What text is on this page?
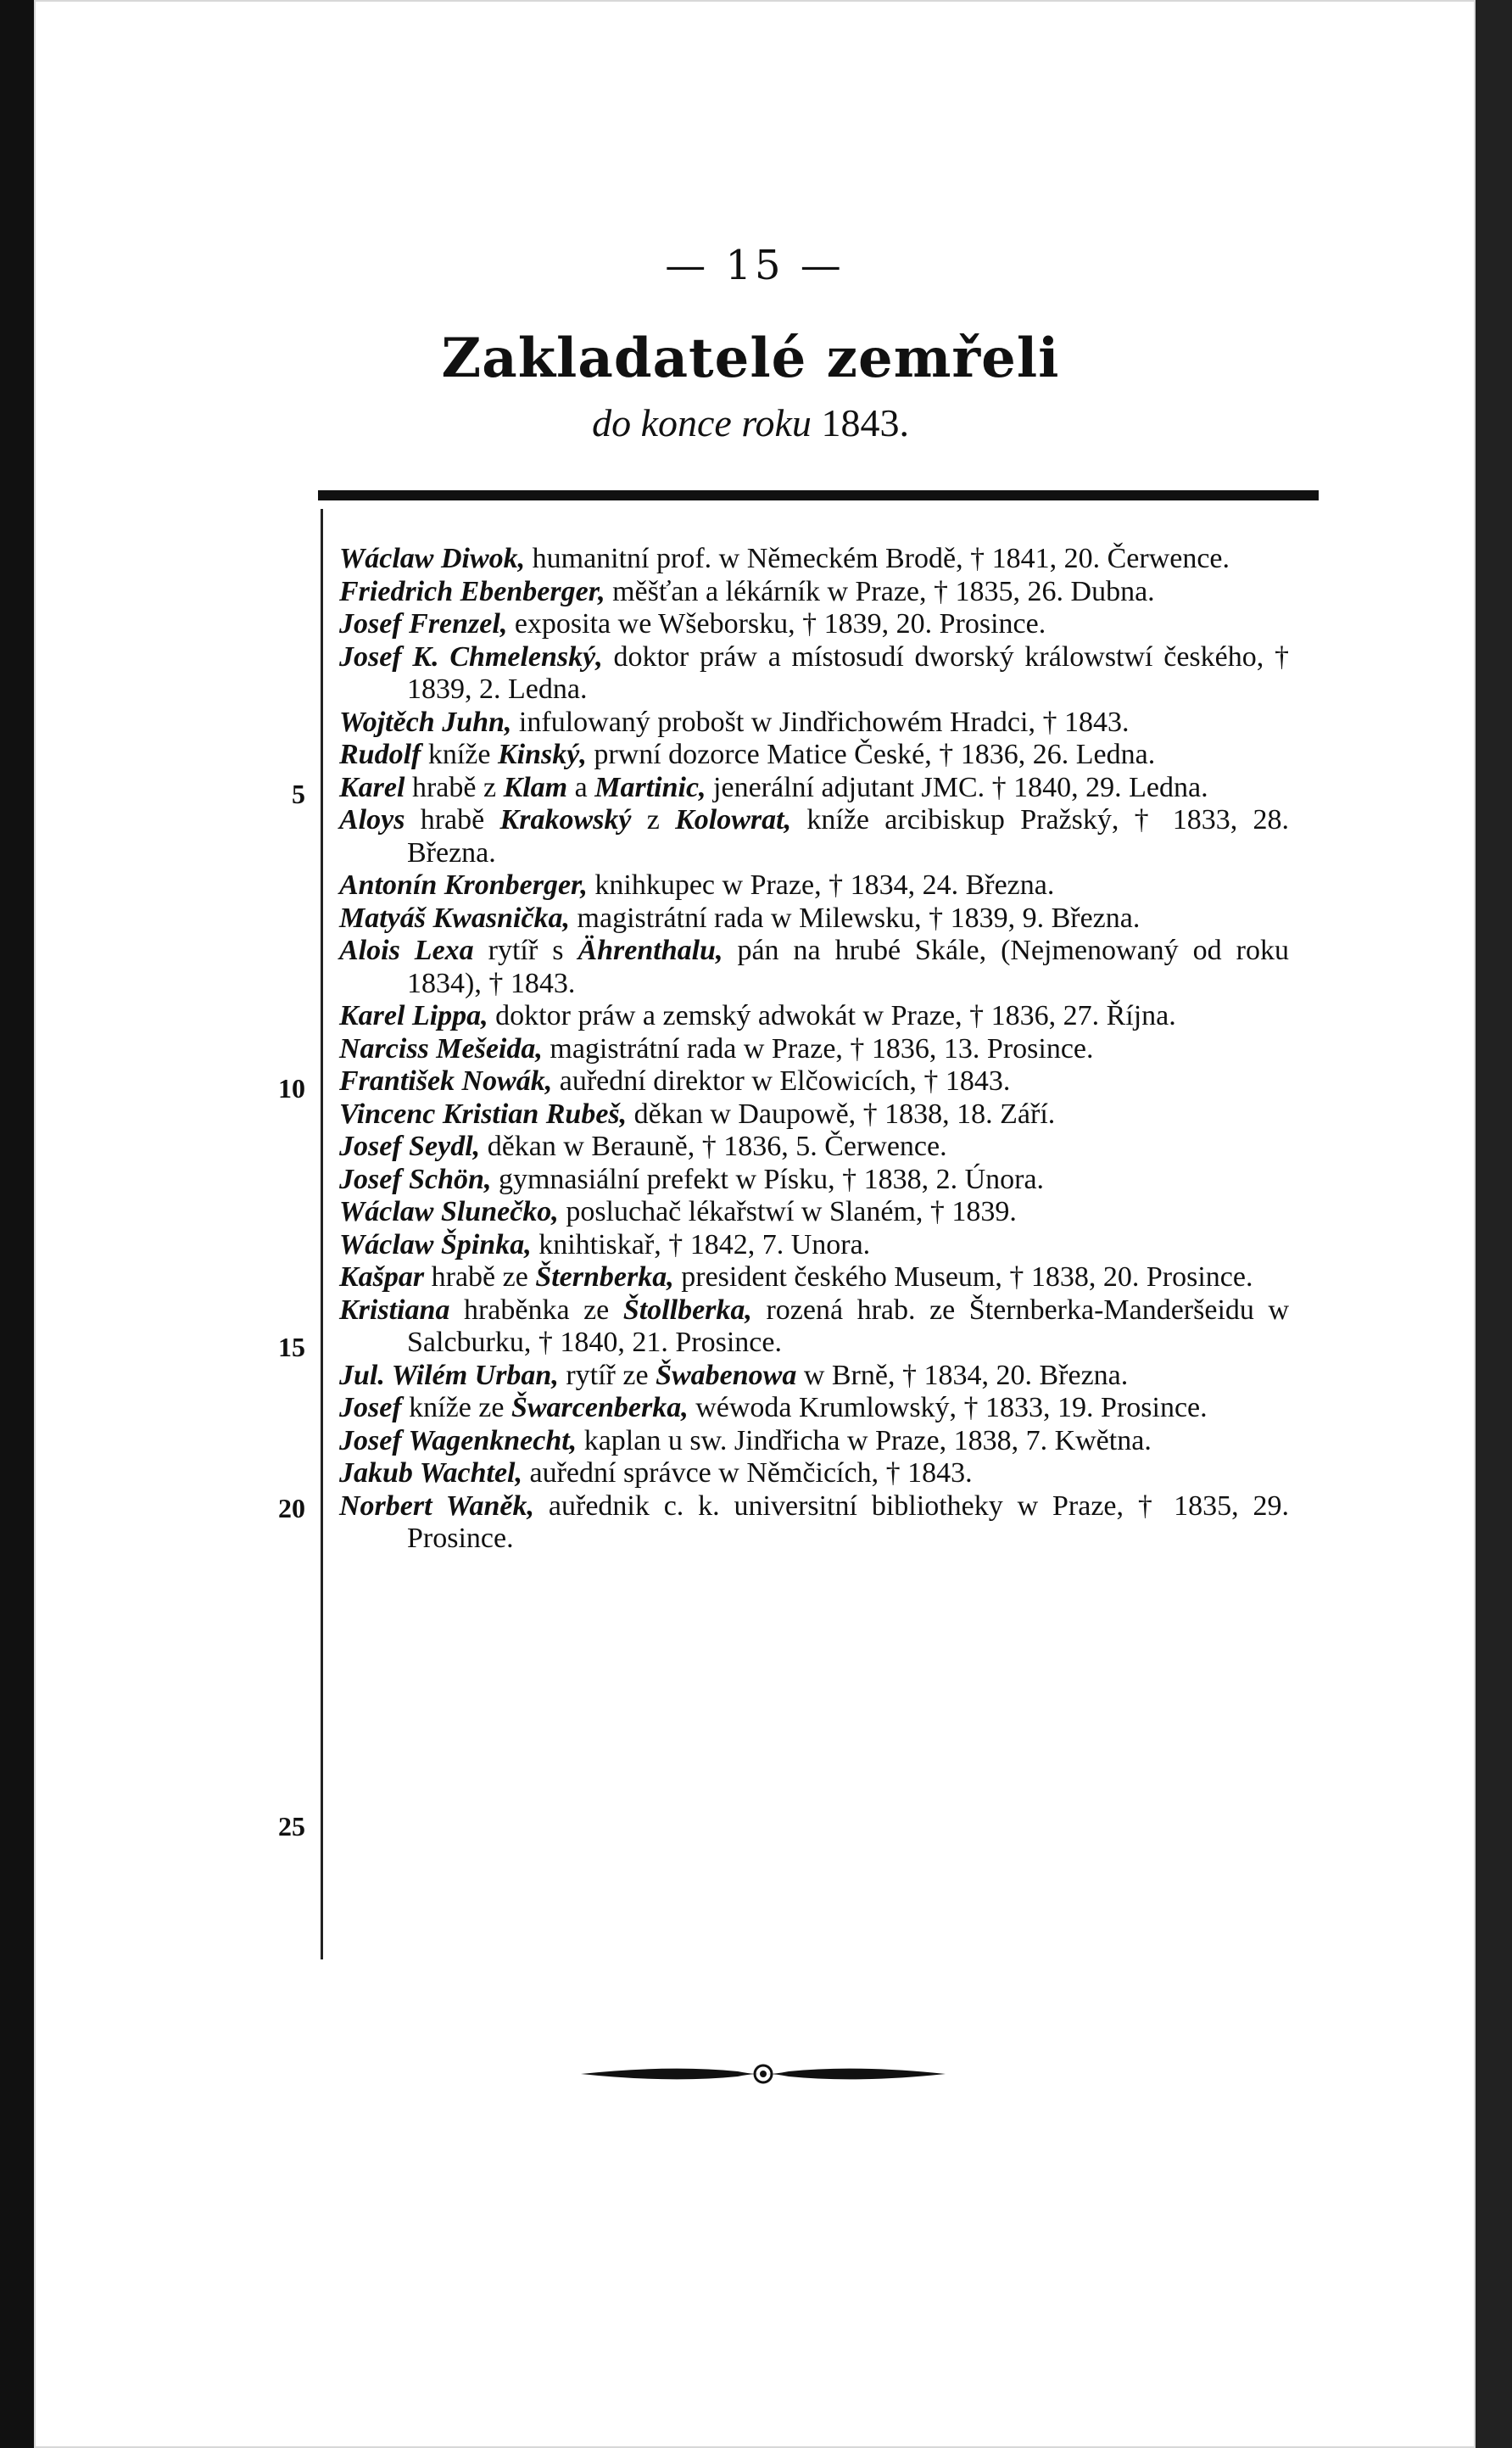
— 15 —
Zakladatelé zemřeli
do konce roku 1843.
5
10
15
20
25
Wáclaw Diwok, humanitní prof. w Německém Brodě, † 1841, 20. Čerwence.
Friedrich Ebenberger, měšťan a lékárník w Praze, † 1835, 26. Dubna.
Josef Frenzel, exposita we Wšeborsku, † 1839, 20. Prosince.
Josef K. Chmelenský, doktor práw a místosudí dworský králowstwí českého, † 1839, 2. Ledna.
Wojtěch Juhn, infulowaný probošt w Jindřichowém Hradci, † 1843.
Rudolf kníže Kinský, prwní dozorce Matice České, † 1836, 26. Ledna.
Karel hrabě z Klam a Martinic, jenerální adjutant JMC. † 1840, 29. Ledna.
Aloys hrabě Krakowský z Kolowrat, kníže arcibiskup Pražský, † 1833, 28. Března.
Antonín Kronberger, knihkupec w Praze, † 1834, 24. Března.
Matyáš Kwasnička, magistrátní rada w Milewsku, † 1839, 9. Března.
Alois Lexa rytíř s Ährenthalu, pán na hrubé Skále, (Nejmenowaný od roku 1834), † 1843.
Karel Lippa, doktor práw a zemský adwokát w Praze, † 1836, 27. Října.
Narciss Mešeida, magistrátní rada w Praze, † 1836, 13. Prosince.
František Nowák, auřední direktor w Elčowicích, † 1843.
Vincenc Kristian Rubeš, děkan w Daupowě, † 1838, 18. Září.
Josef Seydl, děkan w Berauně, † 1836, 5. Čerwence.
Josef Schön, gymnasiální prefekt w Písku, † 1838, 2. Února.
Wáclaw Slunečko, posluchač lékařstwí w Slaném, † 1839.
Wáclaw Špinka, knihtiskař, † 1842, 7. Unora.
Kašpar hrabě ze Šternberka, president českého Museum, † 1838, 20. Prosince.
Kristiana hraběnka ze Štollberka, rozená hrab. ze Šternberka-Manderšeidu w Salcburku, † 1840, 21. Prosince.
Jul. Wilém Urban, rytíř ze Šwabenowa w Brně, † 1834, 20. Března.
Josef kníže ze Šwarcenberka, wéwoda Krumlowský, † 1833, 19. Prosince.
Josef Wagenknecht, kaplan u sw. Jindřicha w Praze, 1838, 7. Kwětna.
Jakub Wachtel, auřední správce w Němčicích, † 1843.
Norbert Waněk, auřednik c. k. universitní bibliotheky w Praze, † 1835, 29. Prosince.
